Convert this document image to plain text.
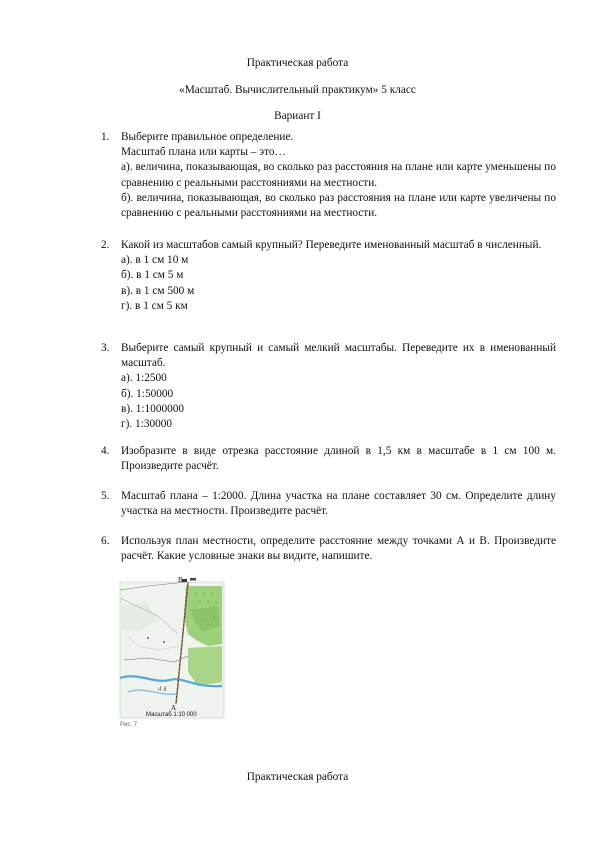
Практическая работа
«Масштаб. Вычислительный практикум» 5 класс
Вариант I
1. Выберите правильное определение.
Масштаб плана или карты – это…
а). величина, показывающая, во сколько раз расстояния на плане или карте уменьшены по сравнению с реальными расстояниями на местности.
б). величина, показывающая, во сколько раз расстояния на плане или карте увеличены по сравнению с реальными расстояниями на местности.
2. Какой из масштабов самый крупный? Переведите именованный масштаб в численный.
а). в 1 см 10 м
б). в 1 см 5 м
в). в 1 см 500 м
г). в 1 см 5 км
3. Выберите самый крупный и самый мелкий масштабы. Переведите их в именованный масштаб.
а). 1:2500
б). 1:50000
в). 1:1000000
г). 1:30000
4. Изобразите в виде отрезка расстояние длиной в 1,5 км в масштабе в 1 см 100 м. Произведите расчёт.
5. Масштаб плана – 1:2000. Длина участка на плане составляет 30 см. Определите длину участка на местности. Произведите расчёт.
6. Используя план местности, определите расстояние между точками А и В. Произведите расчёт. Какие условные знаки вы видите, напишите.
ıl ıl
А
В
Масштаб 1:10 000
Рис. 7
Практическая работа
